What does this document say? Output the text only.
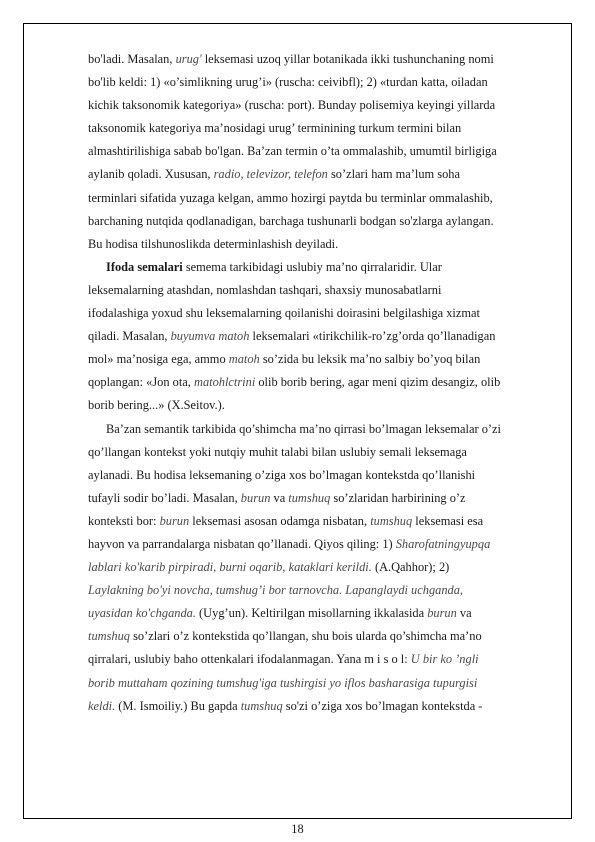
bo'ladi. Masalan, urug' leksemasi uzoq yillar botanikada ikki tushunchaning nomi
bo'lib keldi: 1) «o’simlikning urug’i» (ruscha: ceivibfl); 2) «turdan katta, oiladan
kichik taksonomik kategoriya» (ruscha: port). Bunday polisemiya keyingi yillarda
taksonomik kategoriya ma’nosidagi urug’ terminining turkum termini bilan
almashtirilishiga sabab bo'lgan. Ba’zan termin o’ta ommalashib, umumtil birligiga
aylanib qoladi. Xususan, radio, televizor, telefon so’zlari ham ma’lum soha
terminlari sifatida yuzaga kelgan, ammo hozirgi paytda bu terminlar ommalashib,
barchaning nutqida qodlanadigan, barchaga tushunarli bodgan so'zlarga aylangan.
Bu hodisa tilshunoslikda determinlashish deyiladi.
Ifoda semalari semema tarkibidagi uslubiy ma’no qirralaridir. Ular
leksemalarning atashdan, nomlashdan tashqari, shaxsiy munosabatlarni
ifodalashiga yoxud shu leksemalarning qoilanishi doirasini belgilashiga xizmat
qiladi. Masalan, buyumva matoh leksemalari «tirikchilik-ro’zg’orda qo’llanadigan
mol» ma’nosiga ega, ammo matoh so’zida bu leksik ma’no salbiy bo’yoq bilan
qoplangan: «Jon ota, matohlctrini olib borib bering, agar meni qizim desangiz, olib
borib bering...» (X.Seitov.).
Ba’zan semantik tarkibida qo’shimcha ma’no qirrasi bo’lmagan leksemalar o’zi
qo’llangan kontekst yoki nutqiy muhit talabi bilan uslubiy semali leksemaga
aylanadi. Bu hodisa leksemaning o’ziga xos bo’lmagan kontekstda qo’llanishi
tufayli sodir bo’ladi. Masalan, burun va tumshuq so’zlaridan harbirining o’z
konteksti bor: burun leksemasi asosan odamga nisbatan, tumshuq leksemasi esa
hayvon va parrandalarga nisbatan qo’llanadi. Qiyos qiling: 1) Sharofatningyupqa
lablari ko'karib pirpiradi, burni oqarib, kataklari kerildi. (A.Qahhor); 2)
Laylakning bo'yi novcha, tumshug’i bor tarnovcha. Lapanglaydi uchganda,
uyasidan ko'chganda. (Uyg’un). Keltirilgan misollarning ikkalasida burun va
tumshuq so’zlari o’z kontekstida qo’llangan, shu bois ularda qo’shimcha ma’no
qirralari, uslubiy baho ottenkalari ifodalanmagan. Yana m i s o l: U bir ko ’ngli
borib muttaham qozining tumshug'iga tushirgisi yo iflos basharasiga tupurgisi
keldi. (M. Ismoiliy.) Bu gapda tumshuq so'zi o’ziga xos bo’lmagan kontekstda -
18
